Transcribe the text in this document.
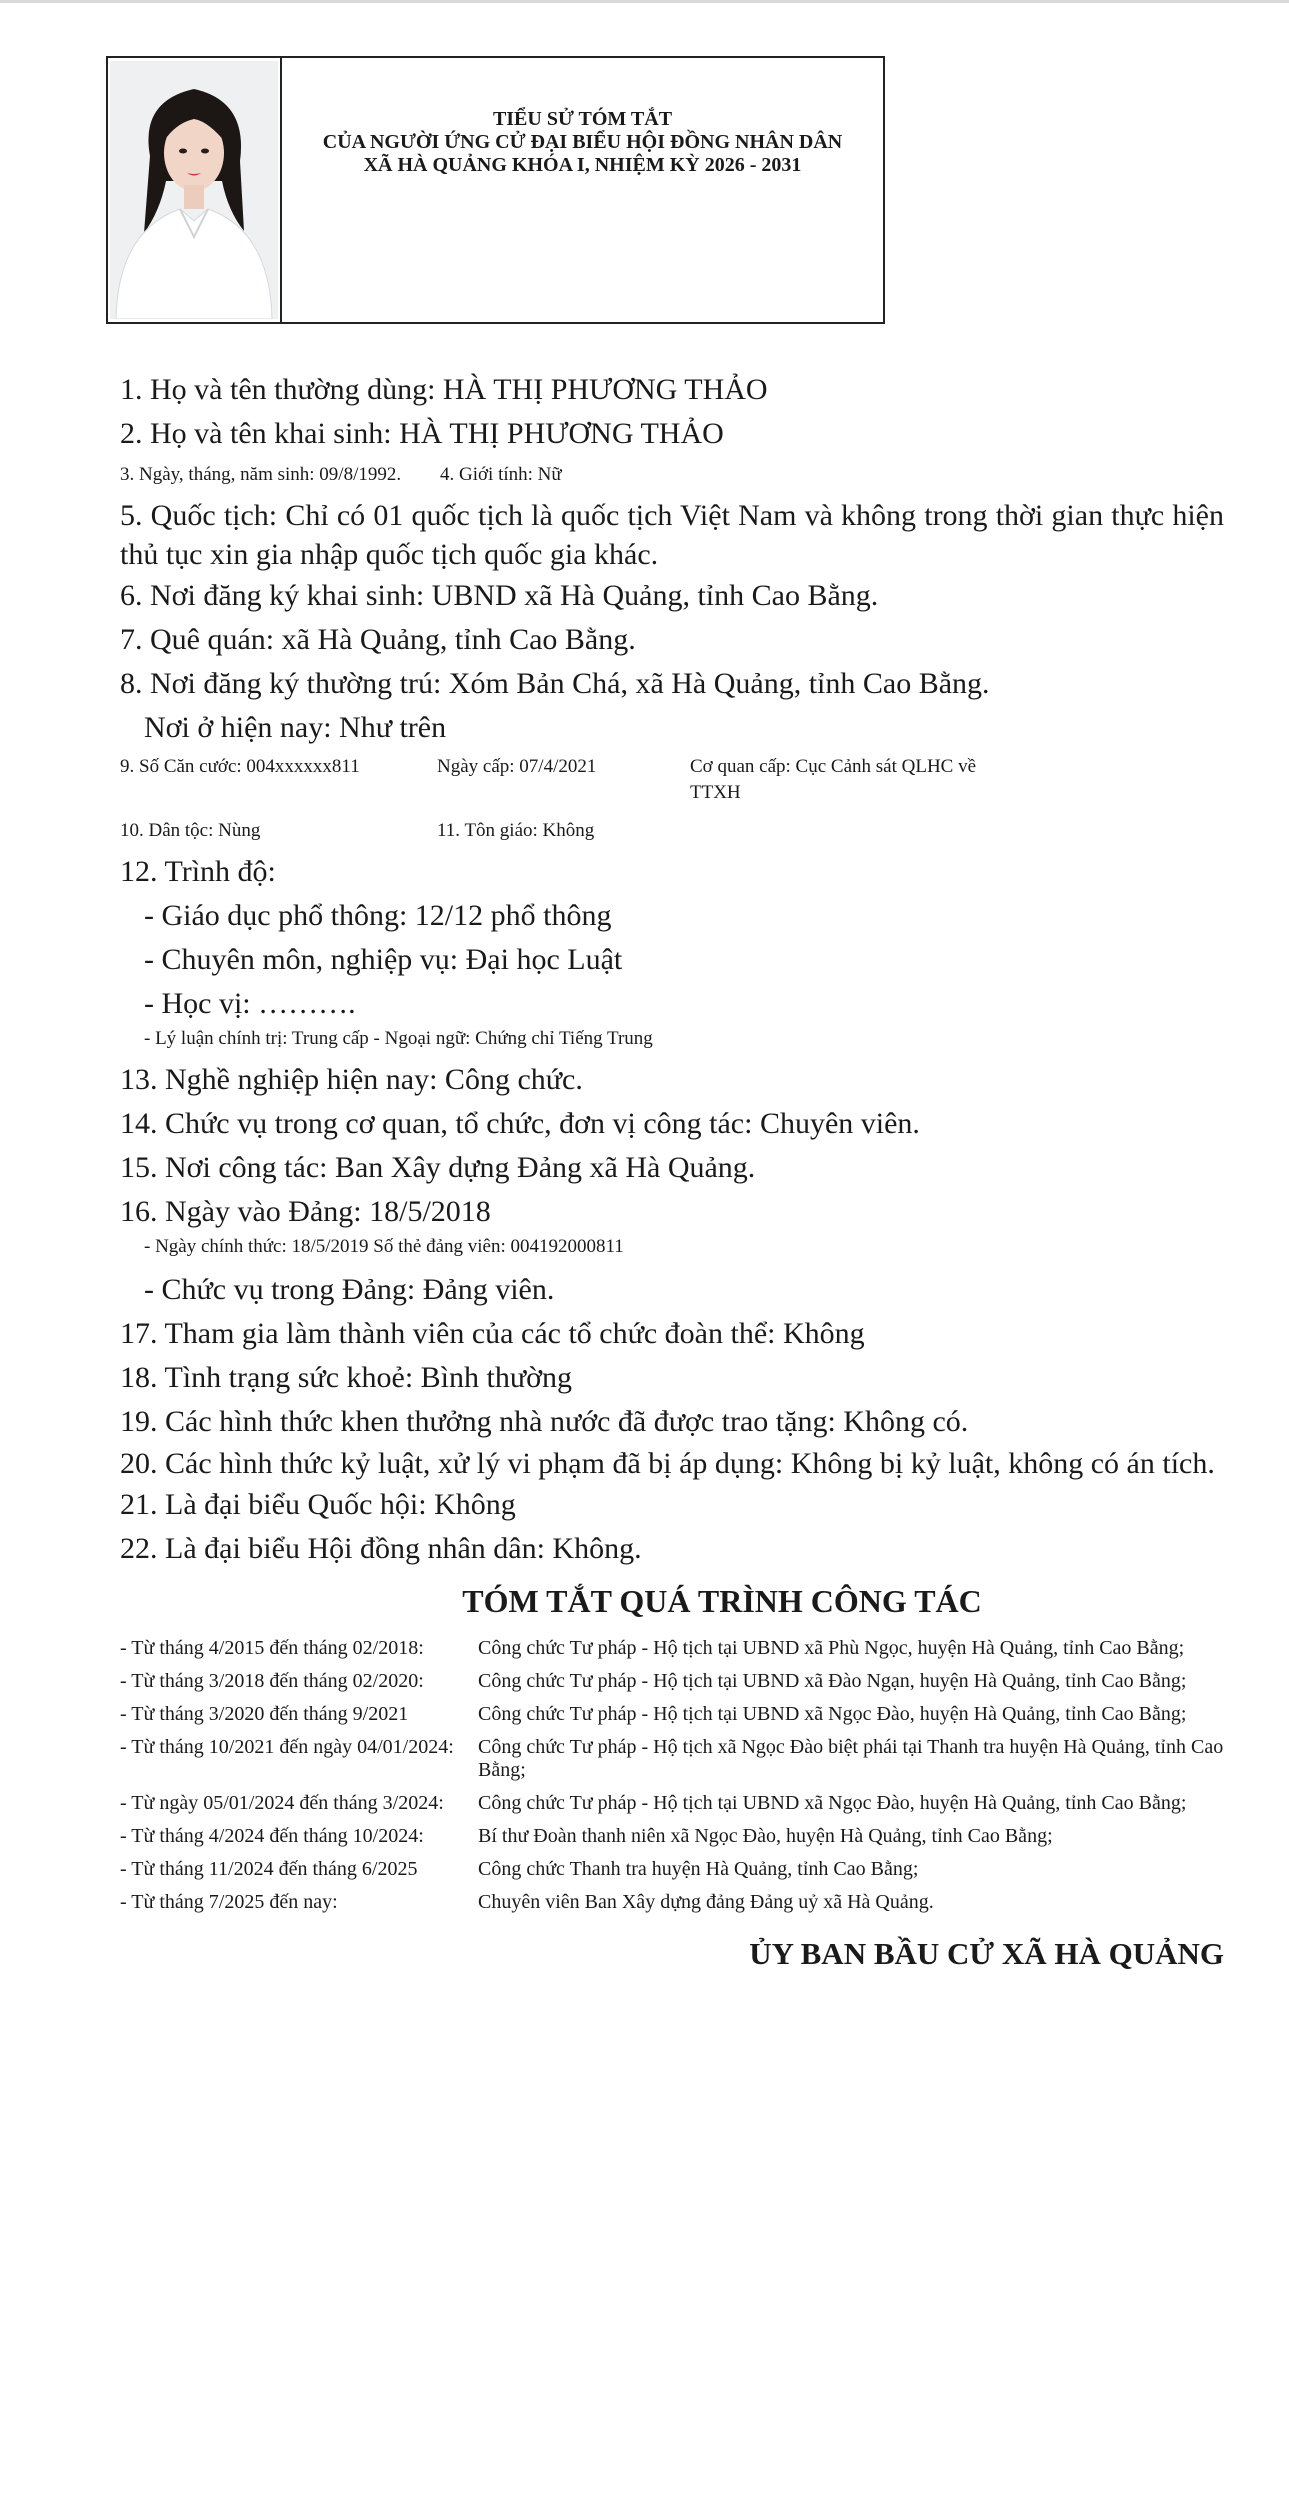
TIỂU SỬ TÓM TẮT
CỦA NGƯỜI ỨNG CỬ ĐẠI BIỂU HỘI ĐỒNG NHÂN DÂN
XÃ HÀ QUẢNG KHÓA I, NHIỆM KỲ 2026 - 2031
1. Họ và tên thường dùng: HÀ THỊ PHƯƠNG THẢO
2. Họ và tên khai sinh: HÀ THỊ PHƯƠNG THẢO
3. Ngày, tháng, năm sinh: 09/8/1992.	4. Giới tính: Nữ
5. Quốc tịch: Chỉ có 01 quốc tịch là quốc tịch Việt Nam và không trong thời gian thực hiện thủ tục xin gia nhập quốc tịch quốc gia khác.
6. Nơi đăng ký khai sinh: UBND xã Hà Quảng, tỉnh Cao Bằng.
7. Quê quán: xã Hà Quảng, tỉnh Cao Bằng.
8. Nơi đăng ký thường trú: Xóm Bản Chá, xã Hà Quảng, tỉnh Cao Bằng.
Nơi ở hiện nay: Như trên
9. Số Căn cước: 004xxxxxx811	Ngày cấp: 07/4/2021	Cơ quan cấp: Cục Cảnh sát QLHC về TTXH
10. Dân tộc: Nùng	11. Tôn giáo: Không
12. Trình độ:
- Giáo dục phổ thông: 12/12 phổ thông
- Chuyên môn, nghiệp vụ: Đại học Luật
- Học vị: ……….
- Lý luận chính trị: Trung cấp - Ngoại ngữ: Chứng chỉ Tiếng Trung
13. Nghề nghiệp hiện nay: Công chức.
14. Chức vụ trong cơ quan, tổ chức, đơn vị công tác: Chuyên viên.
15. Nơi công tác: Ban Xây dựng Đảng xã Hà Quảng.
16. Ngày vào Đảng: 18/5/2018
- Ngày chính thức: 18/5/2019 Số thẻ đảng viên: 004192000811
- Chức vụ trong Đảng: Đảng viên.
17. Tham gia làm thành viên của các tổ chức đoàn thể: Không
18. Tình trạng sức khoẻ: Bình thường
19. Các hình thức khen thưởng nhà nước đã được trao tặng: Không có.
20. Các hình thức kỷ luật, xử lý vi phạm đã bị áp dụng: Không bị kỷ luật, không có án tích.
21. Là đại biểu Quốc hội: Không
22. Là đại biểu Hội đồng nhân dân: Không.
TÓM TẮT QUÁ TRÌNH CÔNG TÁC
- Từ tháng 4/2015 đến tháng 02/2018:	Công chức Tư pháp - Hộ tịch tại UBND xã Phù Ngọc, huyện Hà Quảng, tỉnh Cao Bằng;
- Từ tháng 3/2018 đến tháng 02/2020:	Công chức Tư pháp - Hộ tịch tại UBND xã Đào Ngạn, huyện Hà Quảng, tỉnh Cao Bằng;
- Từ tháng 3/2020 đến tháng 9/2021	Công chức Tư pháp - Hộ tịch tại UBND xã Ngọc Đào, huyện Hà Quảng, tỉnh Cao Bằng;
- Từ tháng 10/2021 đến ngày 04/01/2024:	Công chức Tư pháp - Hộ tịch xã Ngọc Đào biệt phái tại Thanh tra huyện Hà Quảng, tỉnh Cao Bằng;
- Từ ngày 05/01/2024 đến tháng 3/2024:	Công chức Tư pháp - Hộ tịch tại UBND xã Ngọc Đào, huyện Hà Quảng, tỉnh Cao Bằng;
- Từ tháng 4/2024 đến tháng 10/2024:	Bí thư Đoàn thanh niên xã Ngọc Đào, huyện Hà Quảng, tỉnh Cao Bằng;
- Từ tháng 11/2024 đến tháng 6/2025	Công chức Thanh tra huyện Hà Quảng, tỉnh Cao Bằng;
- Từ tháng 7/2025 đến nay:	Chuyên viên Ban Xây dựng đảng Đảng uỷ xã Hà Quảng.
ỦY BAN BẦU CỬ XÃ HÀ QUẢNG
